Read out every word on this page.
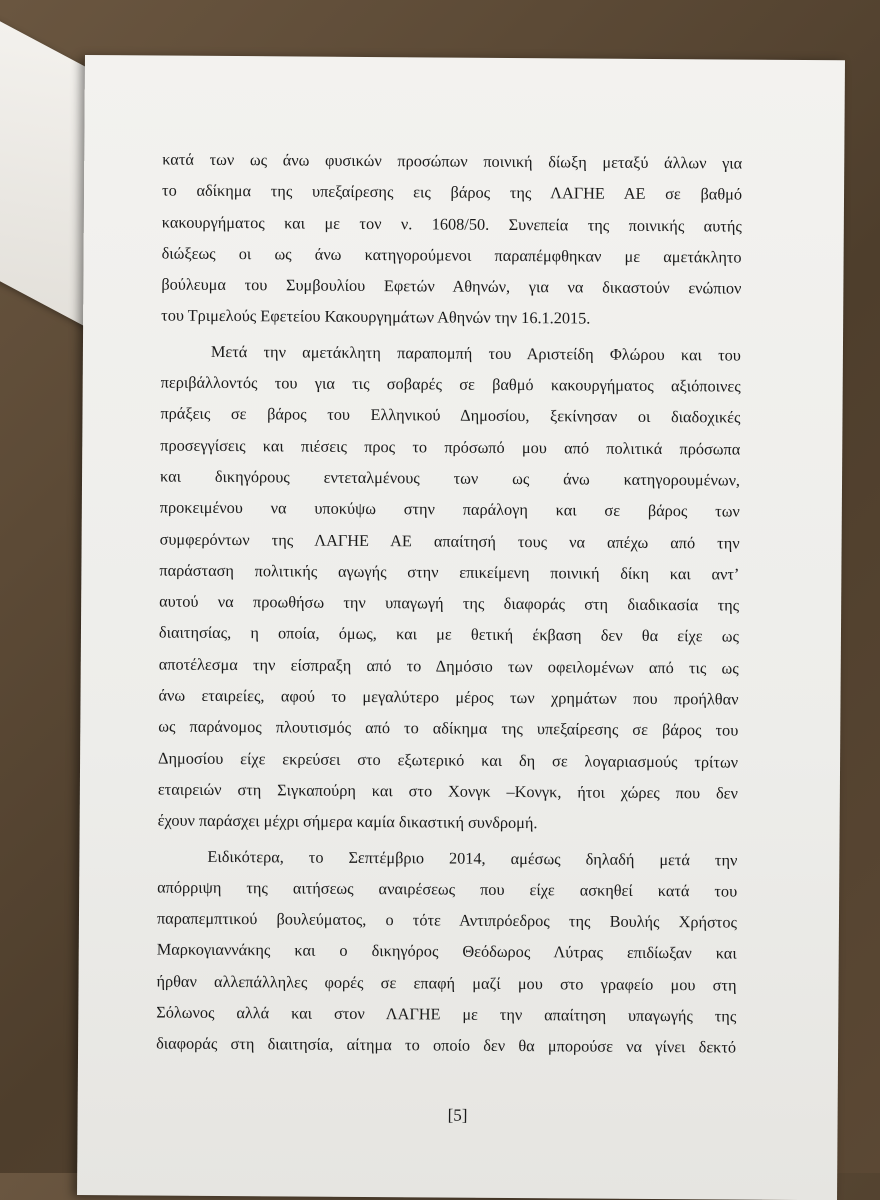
κατά των ως άνω φυσικών προσώπων ποινική δίωξη μεταξύ άλλων για
το αδίκημα της υπεξαίρεσης εις βάρος της ΛΑΓΗΕ ΑΕ σε βαθμό
κακουργήματος και με τον ν. 1608/50. Συνεπεία της ποινικής αυτής
διώξεως οι ως άνω κατηγορούμενοι παραπέμφθηκαν με αμετάκλητο
βούλευμα του Συμβουλίου Εφετών Αθηνών, για να δικαστούν ενώπιον
του Τριμελούς Εφετείου Κακουργημάτων Αθηνών την 16.1.2015.
Μετά την αμετάκλητη παραπομπή του Αριστείδη Φλώρου και του
περιβάλλοντός του για τις σοβαρές σε βαθμό κακουργήματος αξιόποινες
πράξεις σε βάρος του Ελληνικού Δημοσίου, ξεκίνησαν οι διαδοχικές
προσεγγίσεις και πιέσεις προς το πρόσωπό μου από πολιτικά πρόσωπα
και δικηγόρους εντεταλμένους των ως άνω κατηγορουμένων,
προκειμένου να υποκύψω στην παράλογη και σε βάρος των
συμφερόντων της ΛΑΓΗΕ ΑΕ απαίτησή τους να απέχω από την
παράσταση πολιτικής αγωγής στην επικείμενη ποινική δίκη και αντ’
αυτού να προωθήσω την υπαγωγή της διαφοράς στη διαδικασία της
διαιτησίας, η οποία, όμως, και με θετική έκβαση δεν θα είχε ως
αποτέλεσμα την είσπραξη από το Δημόσιο των οφειλομένων από τις ως
άνω εταιρείες, αφού το μεγαλύτερο μέρος των χρημάτων που προήλθαν
ως παράνομος πλουτισμός από το αδίκημα της υπεξαίρεσης σε βάρος του
Δημοσίου είχε εκρεύσει στο εξωτερικό και δη σε λογαριασμούς τρίτων
εταιρειών στη Σιγκαπούρη και στο Χονγκ –Κονγκ, ήτοι χώρες που δεν
έχουν παράσχει μέχρι σήμερα καμία δικαστική συνδρομή.
Ειδικότερα, το Σεπτέμβριο 2014, αμέσως δηλαδή μετά την
απόρριψη της αιτήσεως αναιρέσεως που είχε ασκηθεί κατά του
παραπεμπτικού βουλεύματος, ο τότε Αντιπρόεδρος της Βουλής Χρήστος
Μαρκογιαννάκης και ο δικηγόρος Θεόδωρος Λύτρας επιδίωξαν και
ήρθαν αλλεπάλληλες φορές σε επαφή μαζί μου στο γραφείο μου στη
Σόλωνος αλλά και στον ΛΑΓΗΕ με την απαίτηση υπαγωγής της
διαφοράς στη διαιτησία, αίτημα το οποίο δεν θα μπορούσε να γίνει δεκτό
[5]
